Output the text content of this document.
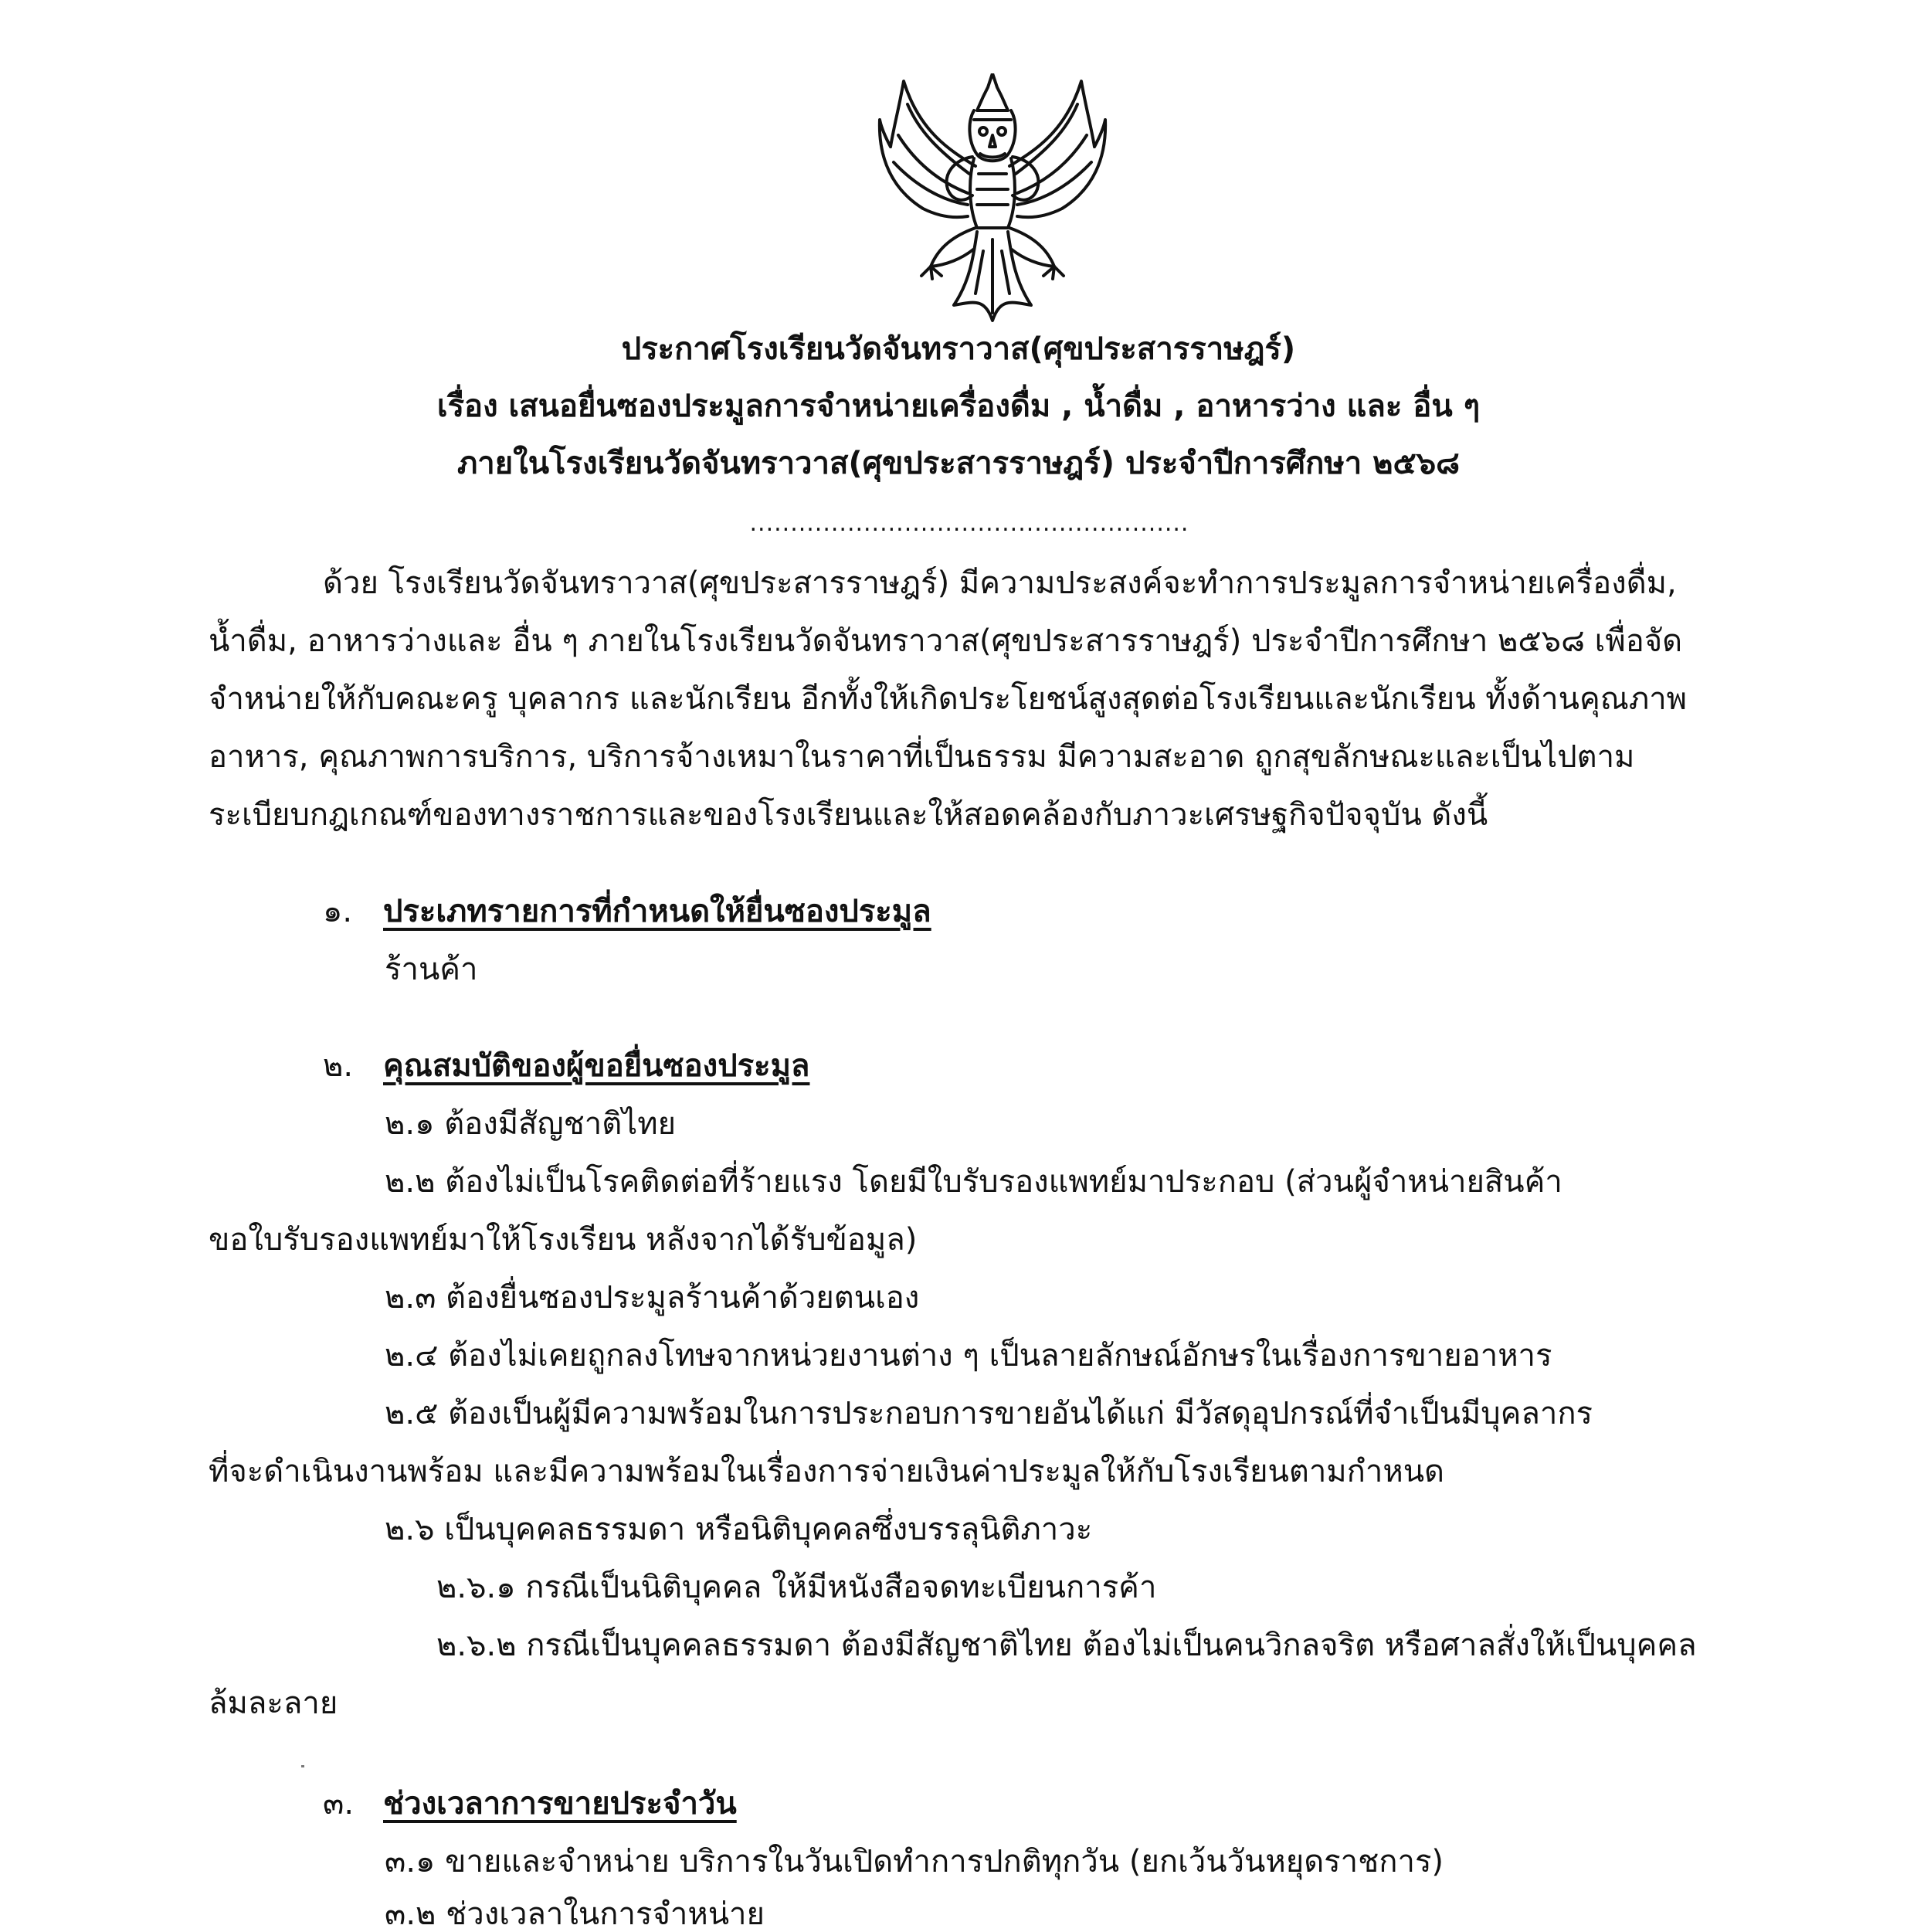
ประกาศโรงเรียนวัดจันทราวาส(ศุขประสารราษฎร์)
เรื่อง เสนอยื่นซองประมูลการจำหน่ายเครื่องดื่ม , น้ำดื่ม , อาหารว่าง และ อื่น ๆ
ภายในโรงเรียนวัดจันทราวาส(ศุขประสารราษฎร์) ประจำปีการศึกษา ๒๕๖๘
......................................................
ด้วย โรงเรียนวัดจันทราวาส(ศุขประสารราษฎร์) มีความประสงค์จะทำการประมูลการจำหน่ายเครื่องดื่ม,
น้ำดื่ม, อาหารว่างและ อื่น ๆ ภายในโรงเรียนวัดจันทราวาส(ศุขประสารราษฎร์) ประจำปีการศึกษา ๒๕๖๘ เพื่อจัด
จำหน่ายให้กับคณะครู บุคลากร และนักเรียน อีกทั้งให้เกิดประโยชน์สูงสุดต่อโรงเรียนและนักเรียน ทั้งด้านคุณภาพ
อาหาร, คุณภาพการบริการ, บริการจ้างเหมาในราคาที่เป็นธรรม มีความสะอาด ถูกสุขลักษณะและเป็นไปตาม
ระเบียบกฎเกณฑ์ของทางราชการและของโรงเรียนและให้สอดคล้องกับภาวะเศรษฐกิจปัจจุบัน ดังนี้
๑. ประเภทรายการที่กำหนดให้ยื่นซองประมูล
ร้านค้า
๒. คุณสมบัติของผู้ขอยื่นซองประมูล
๒.๑ ต้องมีสัญชาติไทย
๒.๒ ต้องไม่เป็นโรคติดต่อที่ร้ายแรง โดยมีใบรับรองแพทย์มาประกอบ (ส่วนผู้จำหน่ายสินค้า
ขอใบรับรองแพทย์มาให้โรงเรียน หลังจากได้รับข้อมูล)
๒.๓ ต้องยื่นซองประมูลร้านค้าด้วยตนเอง
๒.๔ ต้องไม่เคยถูกลงโทษจากหน่วยงานต่าง ๆ เป็นลายลักษณ์อักษรในเรื่องการขายอาหาร
๒.๕ ต้องเป็นผู้มีความพร้อมในการประกอบการขายอันได้แก่ มีวัสดุอุปกรณ์ที่จำเป็นมีบุคลากร
ที่จะดำเนินงานพร้อม และมีความพร้อมในเรื่องการจ่ายเงินค่าประมูลให้กับโรงเรียนตามกำหนด
๒.๖ เป็นบุคคลธรรมดา หรือนิติบุคคลซึ่งบรรลุนิติภาวะ
๒.๖.๑ กรณีเป็นนิติบุคคล ให้มีหนังสือจดทะเบียนการค้า
๒.๖.๒ กรณีเป็นบุคคลธรรมดา ต้องมีสัญชาติไทย ต้องไม่เป็นคนวิกลจริต หรือศาลสั่งให้เป็นบุคคล
ล้มละลาย
๓. ช่วงเวลาการขายประจำวัน
๓.๑ ขายและจำหน่าย บริการในวันเปิดทำการปกติทุกวัน (ยกเว้นวันหยุดราชการ)
๓.๒ ช่วงเวลาในการจำหน่าย
